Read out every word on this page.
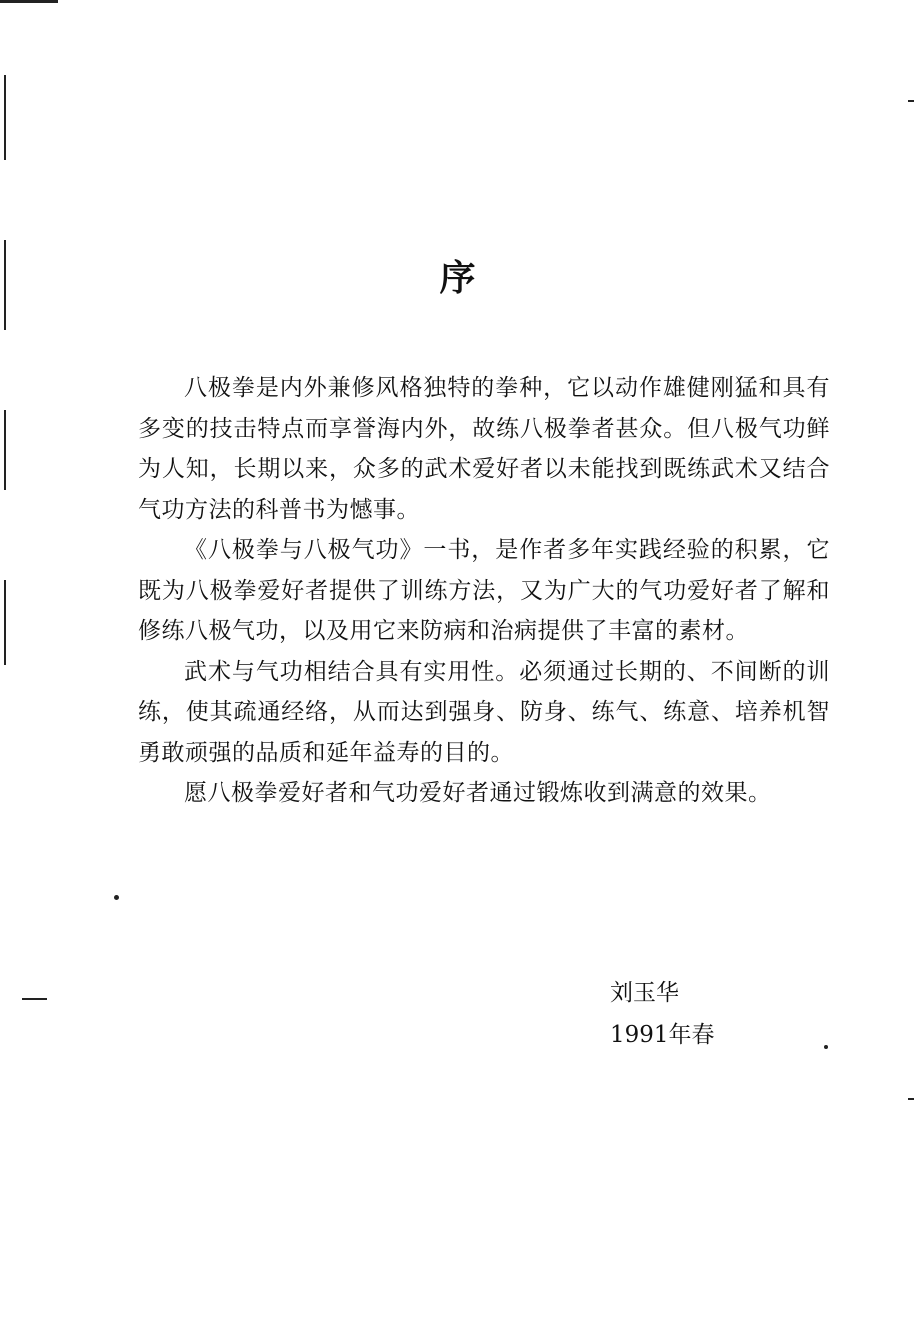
序

八极拳是内外兼修风格独特的拳种，它以动作雄健刚猛和具有多变的技击特点而享誉海内外，故练八极拳者甚众。但八极气功鲜为人知，长期以来，众多的武术爱好者以未能找到既练武术又结合气功方法的科普书为憾事。

《八极拳与八极气功》一书，是作者多年实践经验的积累，它既为八极拳爱好者提供了训练方法，又为广大的气功爱好者了解和修练八极气功，以及用它来防病和治病提供了丰富的素材。

武术与气功相结合具有实用性。必须通过长期的、不间断的训练，使其疏通经络，从而达到强身、防身、练气、练意、培养机智勇敢顽强的品质和延年益寿的目的。

愿八极拳爱好者和气功爱好者通过锻炼收到满意的效果。

刘玉华
1991年春
